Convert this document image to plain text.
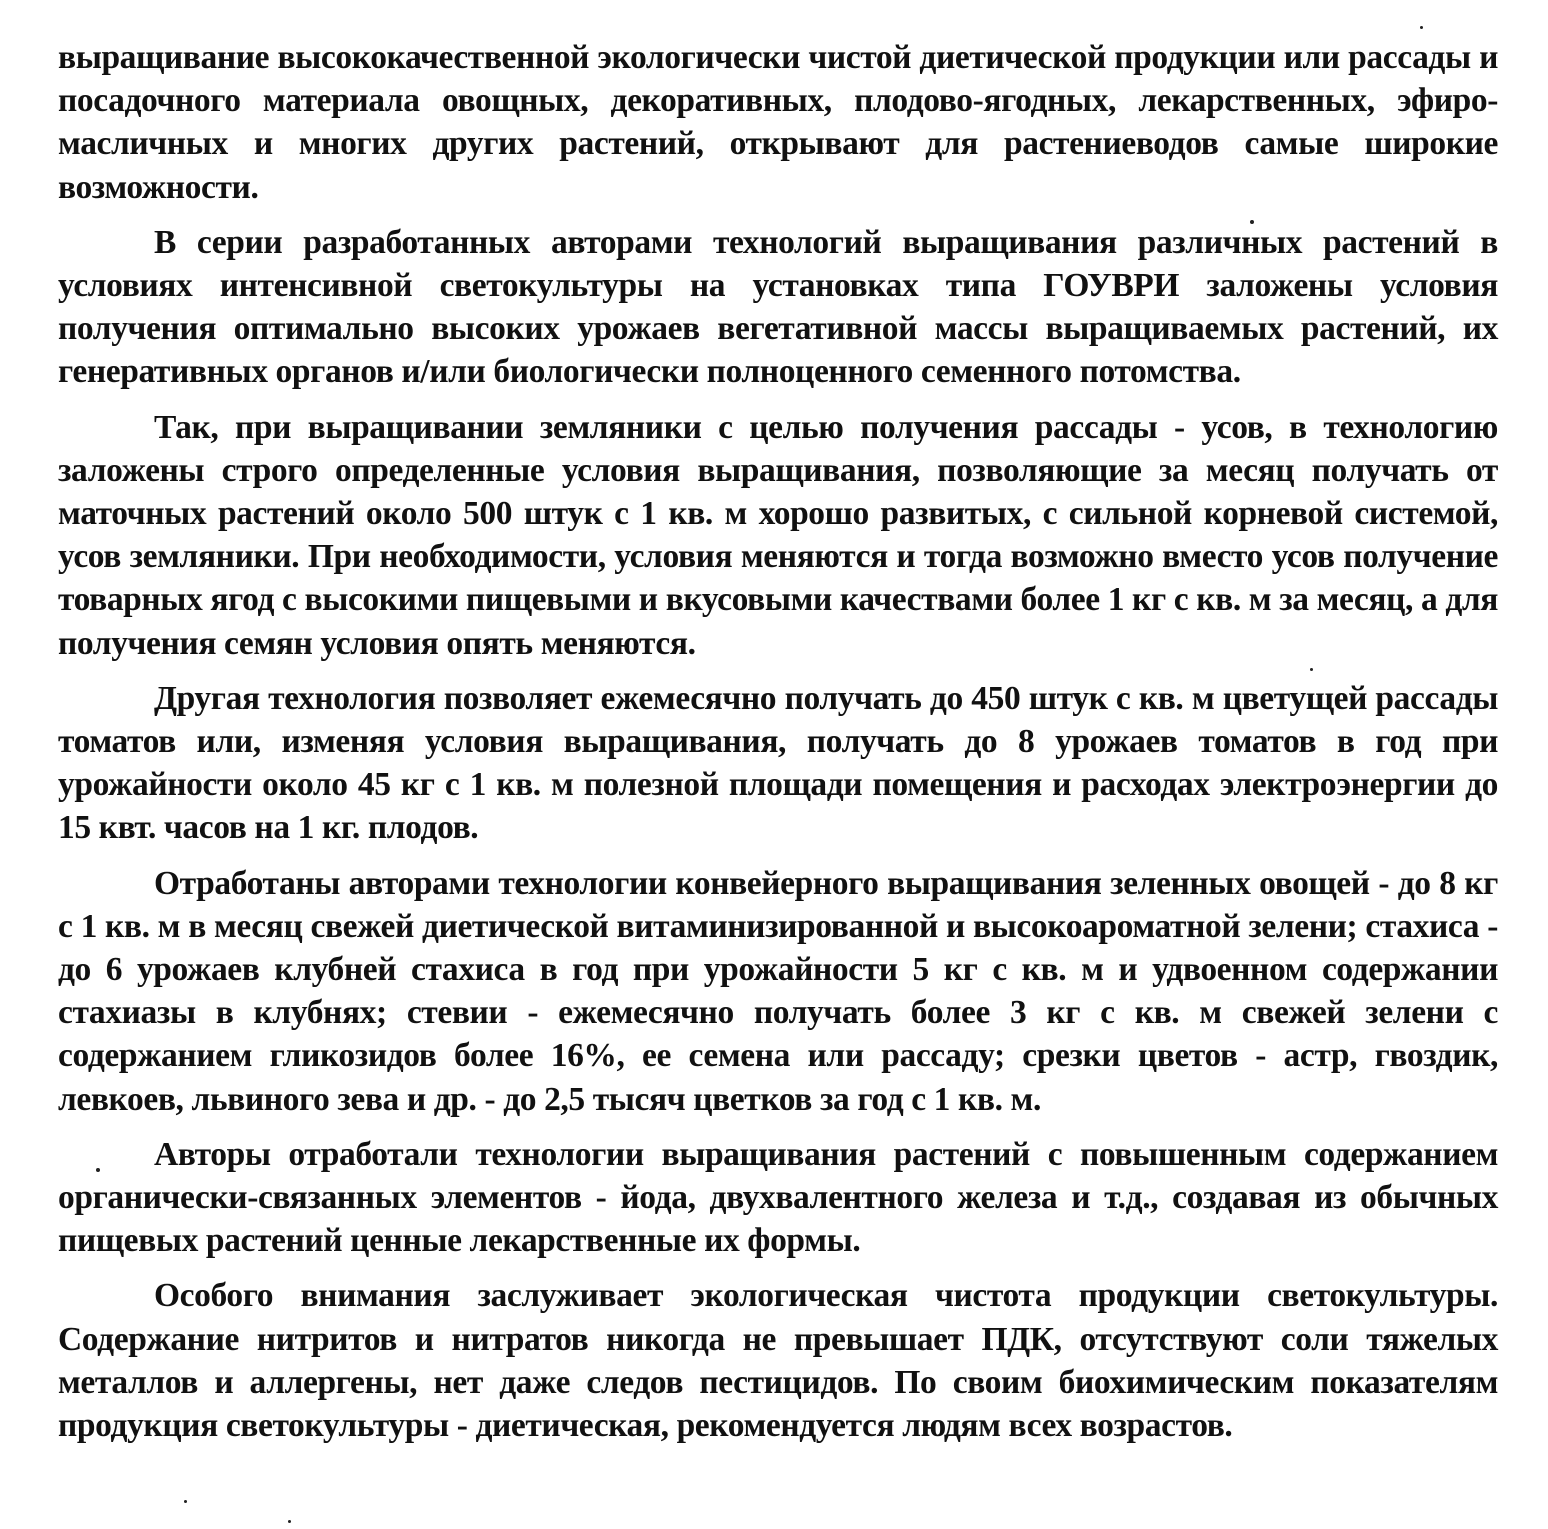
выращивание высококачественной экологически чистой диетической продукции или рассады и посадочного материала овощных, декоративных, плодово-ягодных, лекарственных, эфиро-масличных и многих других растений, открывают для растениеводов самые широкие возможности.

В серии разработанных авторами технологий выращивания различных растений в условиях интенсивной светокультуры на установках типа ГОУВРИ заложены условия получения оптимально высоких урожаев вегетативной массы выращиваемых растений, их генеративных органов и/или биологически полноценного семенного потомства.

Так, при выращивании земляники с целью получения рассады - усов, в технологию заложены строго определенные условия выращивания, позволяющие за месяц получать от маточных растений около 500 штук с 1 кв. м хорошо развитых, с сильной корневой системой, усов земляники. При необходимости, условия меняются и тогда возможно вместо усов получение товарных ягод с высокими пищевыми и вкусовыми качествами более 1 кг с кв. м за месяц, а для получения семян условия опять меняются.

Другая технология позволяет ежемесячно получать до 450 штук с кв. м цветущей рассады томатов или, изменяя условия выращивания, получать до 8 урожаев томатов в год при урожайности около 45 кг с 1 кв. м полезной площади помещения и расходах электроэнергии до 15 квт. часов на 1 кг. плодов.

Отработаны авторами технологии конвейерного выращивания зеленных овощей - до 8 кг с 1 кв. м в месяц свежей диетической витаминизированной и высокоароматной зелени; стахиса - до 6 урожаев клубней стахиса в год при урожайности 5 кг с кв. м и удвоенном содержании стахиазы в клубнях; стевии - ежемесячно получать более 3 кг с кв. м свежей зелени с содержанием гликозидов более 16%, ее семена или рассаду; срезки цветов - астр, гвоздик, левкоев, львиного зева и др. - до 2,5 тысяч цветков за год с 1 кв. м.

Авторы отработали технологии выращивания растений с повышенным содержанием органически-связанных элементов - йода, двухвалентного железа и т.д., создавая из обычных пищевых растений ценные лекарственные их формы.

Особого внимания заслуживает экологическая чистота продукции светокультуры. Содержание нитритов и нитратов никогда не превышает ПДК, отсутствуют соли тяжелых металлов и аллергены, нет даже следов пестицидов. По своим биохимическим показателям продукция светокультуры - диетическая, рекомендуется людям всех возрастов.
